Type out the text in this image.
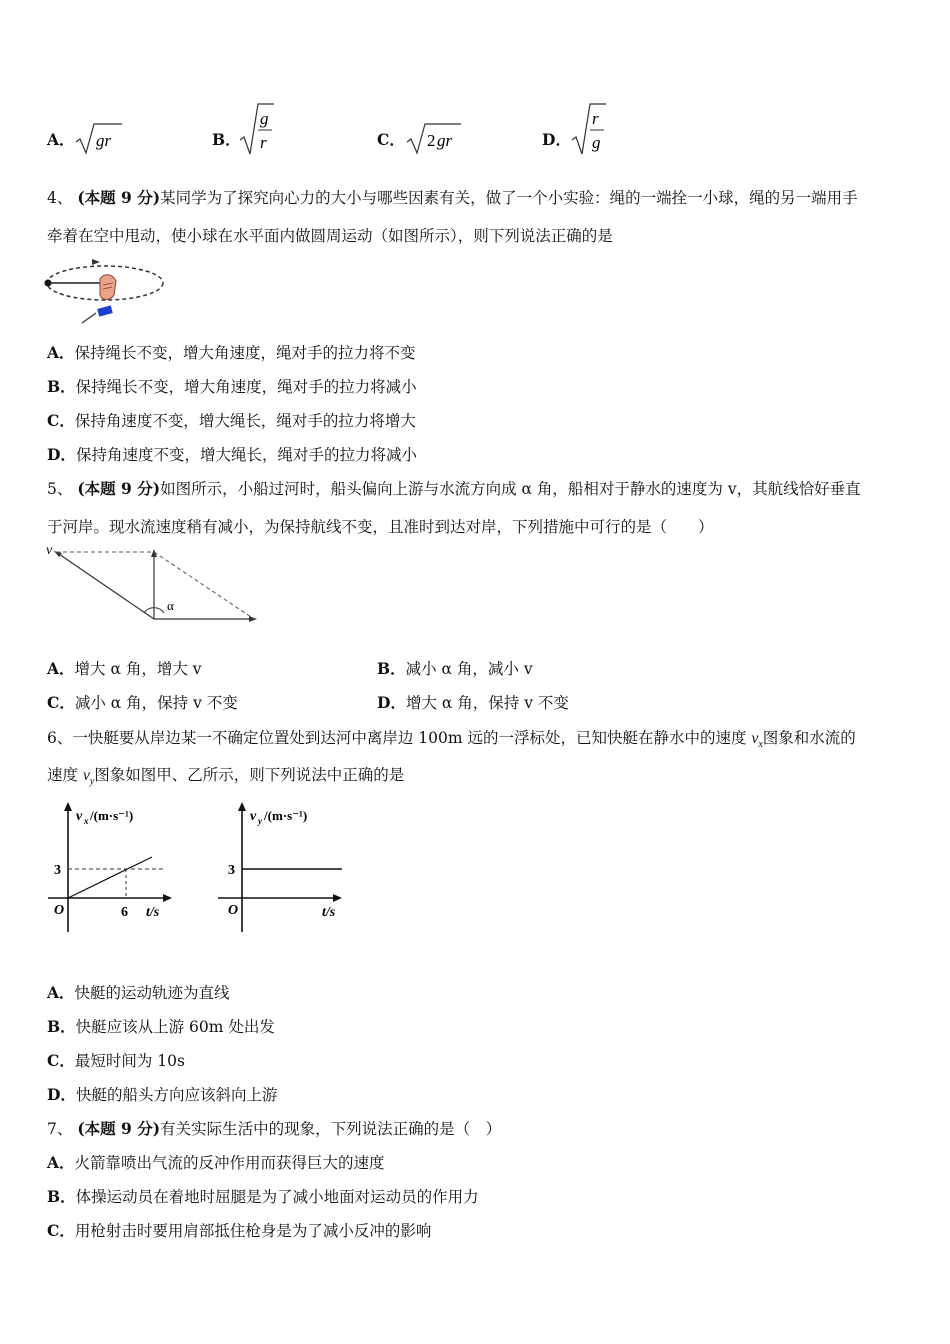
A． gr	B．
g
r	C． 2 gr	D．
r
g
4、 (本题 9 分)某同学为了探究向心力的大小与哪些因素有关，做了一个小实验：绳的一端拴一小球，绳的另一端用手
牵着在空中甩动，使小球在水平面内做圆周运动（如图所示），则下列说法正确的是
A．保持绳长不变，增大角速度，绳对手的拉力将不变
B．保持绳长不变，增大角速度，绳对手的拉力将减小
C．保持角速度不变，增大绳长，绳对手的拉力将增大
D．保持角速度不变，增大绳长，绳对手的拉力将减小
5、 (本题 9 分)如图所示，小船过河时，船头偏向上游与水流方向成 α 角，船相对于静水的速度为 v，其航线恰好垂直
于河岸。现水流速度稍有减小，为保持航线不变，且准时到达对岸，下列措施中可行的是（　　）
v
α
A．增大 α 角，增大 v	B．减小 α 角，减小 v
C．减小 α 角，保持 v 不变	D．增大 α 角，保持 v 不变
6、一快艇要从岸边某一不确定位置处到达河中离岸边 100m 远的一浮标处，已知快艇在静水中的速度 $v_x$图象和水流的
速度 $v_y$图象如图甲、乙所示，则下列说法中正确的是
v x /(m·s⁻¹)
3
O	6 t/s
v y /(m·s⁻¹)
3
O	t/s
A．快艇的运动轨迹为直线
B．快艇应该从上游 60m 处出发
C．最短时间为 10s
D．快艇的船头方向应该斜向上游
7、 (本题 9 分)有关实际生活中的现象，下列说法正确的是（　）
A．火箭靠喷出气流的反冲作用而获得巨大的速度
B．体操运动员在着地时屈腿是为了减小地面对运动员的作用力
C．用枪射击时要用肩部抵住枪身是为了减小反冲的影响
